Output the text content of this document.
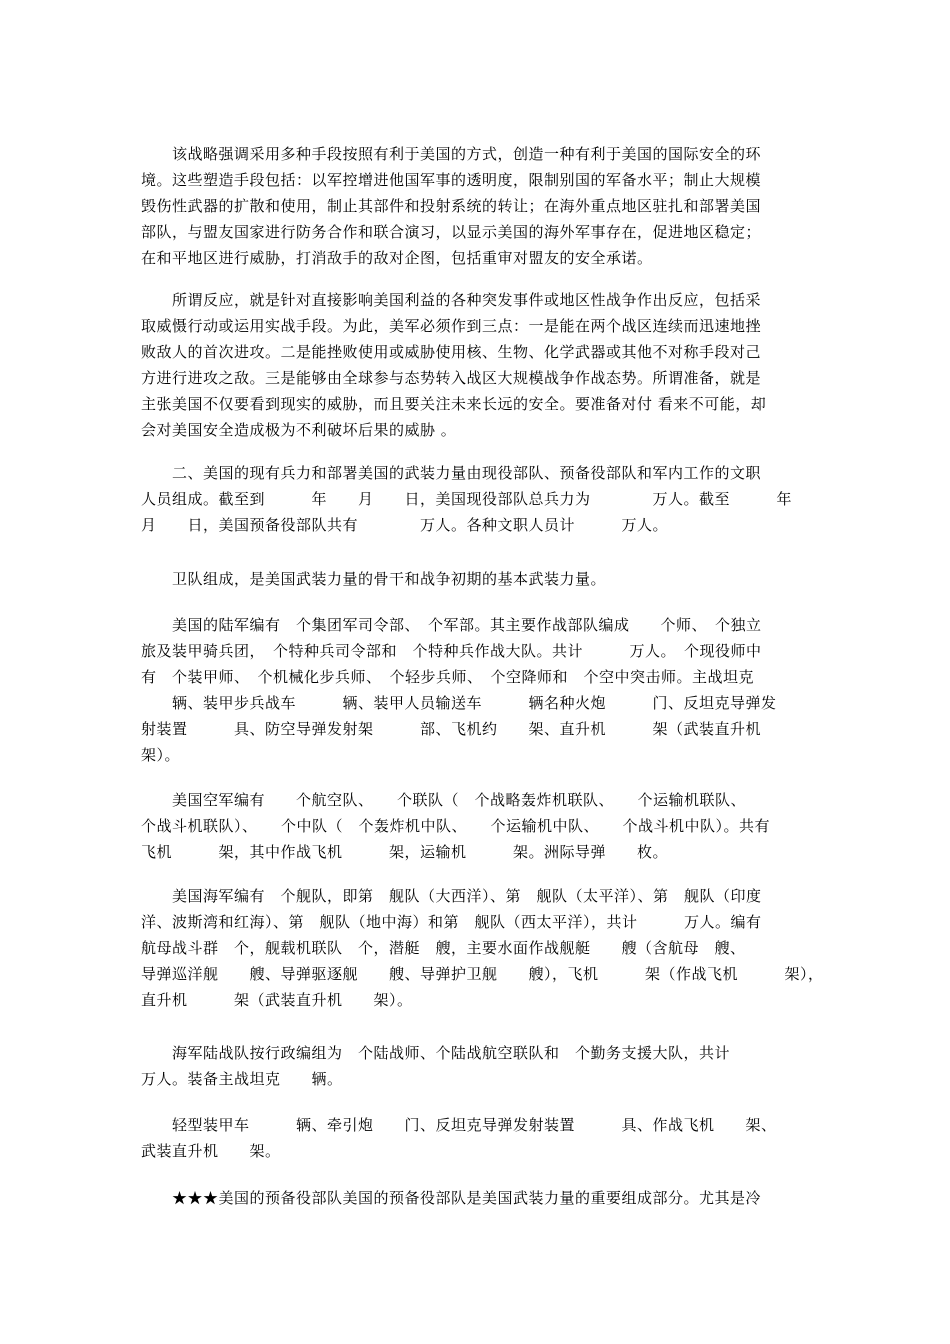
　　该战略强调采用多种手段按照有利于美国的方式，创造一种有利于美国的国际安全的环
境。这些塑造手段包括：以军控增进他国军事的透明度，限制别国的军备水平；制止大规模
毁伤性武器的扩散和使用，制止其部件和投射系统的转让；在海外重点地区驻扎和部署美国
部队，与盟友国家进行防务合作和联合演习，以显示美国的海外军事存在，促进地区稳定；
在和平地区进行威胁，打消敌手的敌对企图，包括重审对盟友的安全承诺。
　　所谓反应，就是针对直接影响美国利益的各种突发事件或地区性战争作出反应，包括采
取威慑行动或运用实战手段。为此，美军必须作到三点：一是能在两个战区连续而迅速地挫
败敌人的首次进攻。二是能挫败使用或威胁使用核、生物、化学武器或其他不对称手段对己
方进行进攻之敌。三是能够由全球参与态势转入战区大规模战争作战态势。所谓准备，就是
主张美国不仅要看到现实的威胁，而且要关注未来长远的安全。要准备对付 看来不可能，却
会对美国安全造成极为不利破坏后果的威胁 。
　　二、美国的现有兵力和部署美国的武装力量由现役部队、预备役部队和军内工作的文职
人员组成。截至到　　　年　　月　　日，美国现役部队总兵力为　　　　万人。截至　　　年
月　　日，美国预备役部队共有　　　　万人。各种文职人员计　　　万人。
　　卫队组成，是美国武装力量的骨干和战争初期的基本武装力量。
　　美国的陆军编有　个集团军司令部、　个军部。其主要作战部队编成　　个师、　个独立
旅及装甲骑兵团，　个特种兵司令部和　个特种兵作战大队。共计　　　万人。　个现役师中
有　个装甲师、　个机械化步兵师、　个轻步兵师、　个空降师和　个空中突击师。主战坦克
　　辆、装甲步兵战车　　　辆、装甲人员输送车　　　辆名种火炮　　　门、反坦克导弹发
射装置　　　具、防空导弹发射架　　　部、飞机约　　架、直升机　　　架（武装直升机
架）。
　　美国空军编有　　个航空队、　　个联队（　个战略轰炸机联队、　　个运输机联队、
个战斗机联队）、　　个中队（　个轰炸机中队、　　个运输机中队、　　个战斗机中队）。共有
飞机　　　架，其中作战飞机　　　架，运输机　　　架。洲际导弹　　枚。
　　美国海军编有　个舰队，即第　舰队（大西洋）、第　舰队（太平洋）、第　舰队（印度
洋、波斯湾和红海）、第　舰队（地中海）和第　舰队（西太平洋），共计　　　万人。编有
航母战斗群　个，舰载机联队　个，潜艇　艘，主要水面作战舰艇　　艘（含航母　艘、
导弹巡洋舰　　艘、导弹驱逐舰　　艘、导弹护卫舰　　艘），飞机　　　架（作战飞机　　　架），
直升机　　　架（武装直升机　　架）。
　　海军陆战队按行政编组为　个陆战师、个陆战航空联队和　个勤务支援大队，共计
万人。装备主战坦克　　辆。
　　轻型装甲车　　　辆、牵引炮　　门、反坦克导弹发射装置　　　具、作战飞机　　架、
武装直升机　　架。
　　★★★美国的预备役部队美国的预备役部队是美国武装力量的重要组成部分。尤其是冷
